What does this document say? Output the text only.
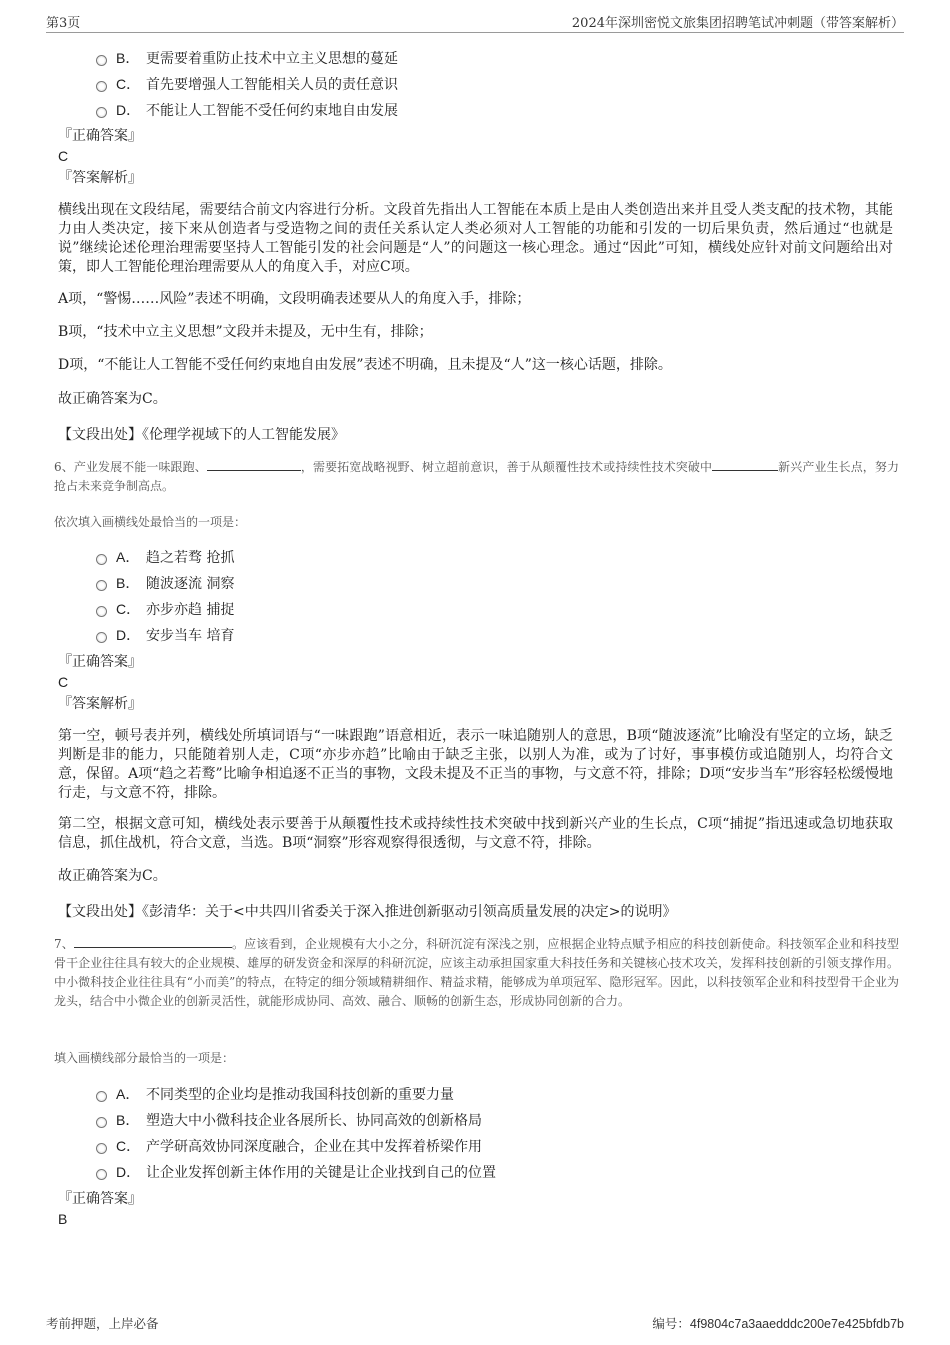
第3页	2024年深圳密悦文旅集团招聘笔试冲刺题（带答案解析）
B． 更需要着重防止技术中立主义思想的蔓延
C． 首先要增强人工智能相关人员的责任意识
D． 不能让人工智能不受任何约束地自由发展
『正确答案』
C
『答案解析』
横线出现在文段结尾，需要结合前文内容进行分析。文段首先指出人工智能在本质上是由人类创造出来并且受人类支配的技术物，其能力由人类决定，接下来从创造者与受造物之间的责任关系认定人类必须对人工智能的功能和引发的一切后果负责，然后通过“也就是说”继续论述伦理治理需要坚持人工智能引发的社会问题是“人”的问题这一核心理念。通过“因此”可知，横线处应针对前文问题给出对策，即人工智能伦理治理需要从人的角度入手，对应C项。
A项，“警惕……风险”表述不明确，文段明确表述要从人的角度入手，排除；
B项，“技术中立主义思想”文段并未提及，无中生有，排除；
D项，“不能让人工智能不受任何约束地自由发展”表述不明确，且未提及“人”这一核心话题，排除。
故正确答案为C。
【文段出处】《伦理学视域下的人工智能发展》
6、产业发展不能一味跟跑、	，需要拓宽战略视野、树立超前意识，善于从颠覆性技术或持续性技术突破中	新兴产业生长点，努力抢占未来竞争制高点。
依次填入画横线处最恰当的一项是：
A． 趋之若骛 抢抓
B． 随波逐流 洞察
C． 亦步亦趋 捕捉
D． 安步当车 培育
『正确答案』
C
『答案解析』
第一空，顿号表并列，横线处所填词语与“一味跟跑”语意相近，表示一味追随别人的意思，B项“随波逐流”比喻没有坚定的立场，缺乏判断是非的能力，只能随着别人走，C项“亦步亦趋”比喻由于缺乏主张，以别人为准，或为了讨好，事事模仿或追随别人，均符合文意，保留。A项“趋之若鹜”比喻争相追逐不正当的事物，文段未提及不正当的事物，与文意不符，排除；D项“安步当车”形容轻松缓慢地行走，与文意不符，排除。
第二空，根据文意可知，横线处表示要善于从颠覆性技术或持续性技术突破中找到新兴产业的生长点，C项“捕捉”指迅速或急切地获取信息，抓住战机，符合文意，当选。B项“洞察”形容观察得很透彻，与文意不符，排除。
故正确答案为C。
【文段出处】《彭清华：关于<中共四川省委关于深入推进创新驱动引领高质量发展的决定>的说明》
7、	。应该看到，企业规模有大小之分，科研沉淀有深浅之别，应根据企业特点赋予相应的科技创新使命。科技领军企业和科技型骨干企业往往具有较大的企业规模、雄厚的研发资金和深厚的科研沉淀，应该主动承担国家重大科技任务和关键核心技术攻关，发挥科技创新的引领支撑作用。中小微科技企业往往具有“小而美”的特点，在特定的细分领域精耕细作、精益求精，能够成为单项冠军、隐形冠军。因此，以科技领军企业和科技型骨干企业为龙头，结合中小微企业的创新灵活性，就能形成协同、高效、融合、顺畅的创新生态，形成协同创新的合力。
填入画横线部分最恰当的一项是：
A． 不同类型的企业均是推动我国科技创新的重要力量
B． 塑造大中小微科技企业各展所长、协同高效的创新格局
C． 产学研高效协同深度融合，企业在其中发挥着桥梁作用
D． 让企业发挥创新主体作用的关键是让企业找到自己的位置
『正确答案』
B
考前押题，上岸必备	编号：4f9804c7a3aaedddc200e7e425bfdb7b
